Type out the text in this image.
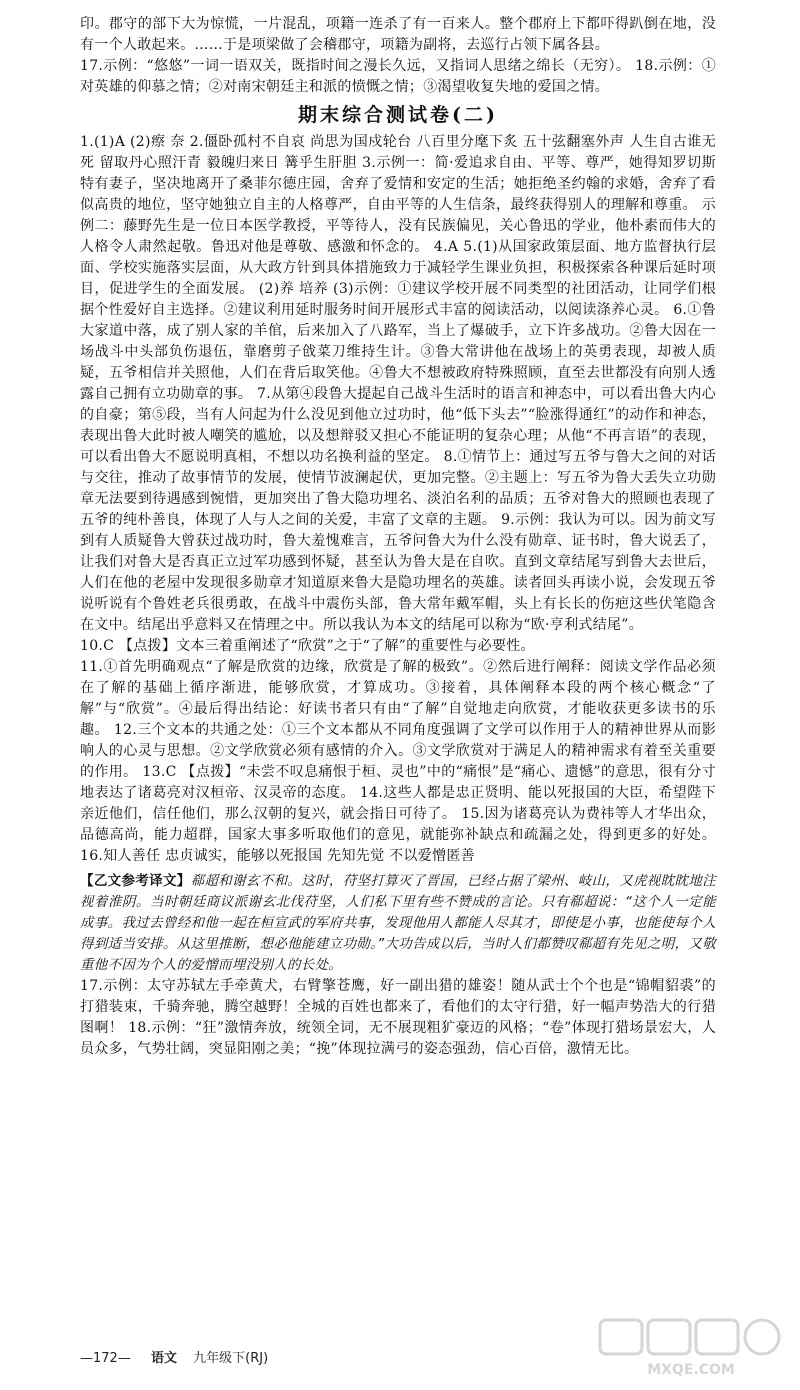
印。郡守的部下大为惊慌，一片混乱，项籍一连杀了有一百来人。整个郡府上下都吓得趴倒在地，没有一个人敢起来。……于是项梁做了会稽郡守，项籍为副将，去巡行占领下属各县。

17.示例：“悠悠”一词一语双关，既指时间之漫长久远，又指词人思绪之绵长（无穷）。 18.示例：①对英雄的仰慕之情；②对南宋朝廷主和派的愤慨之情；③渴望收复失地的爱国之情。

期末综合测试卷(二)

1.(1)A (2)瘵 奈 2.僵卧孤村不自哀 尚思为国戍轮台 八百里分麾下炙 五十弦翻塞外声 人生自古谁无死 留取丹心照汗青 毅魄归来日 篝乎生肝胆 3.示例一：简·爱追求自由、平等、尊严，她得知罗切斯特有妻子，坚决地离开了桑菲尔德庄园，舍弃了爱情和安定的生活；她拒绝圣约翰的求婚，舍弃了看似高贵的地位，坚守她独立自主的人格尊严，自由平等的人生信条，最终获得别人的理解和尊重。 示例二：藤野先生是一位日本医学教授，平等待人，没有民族偏见，关心鲁迅的学业，他朴素而伟大的人格令人肃然起敬。鲁迅对他是尊敬、感激和怀念的。 4.A 5.(1)从国家政策层面、地方监督执行层面、学校实施落实层面，从大政方针到具体措施致力于减轻学生课业负担，积极探索各种课后延时项目，促进学生的全面发展。 (2)养 培养 (3)示例：①建议学校开展不同类型的社团活动，让同学们根据个性爱好自主选择。②建议利用延时服务时间开展形式丰富的阅读活动，以阅读涤养心灵。 6.①鲁大家道中落，成了别人家的羊倌，后来加入了八路军，当上了爆破手，立下许多战功。②鲁大因在一场战斗中头部负伤退伍，靠磨剪子戗菜刀维持生计。③鲁大常讲他在战场上的英勇表现，却被人质疑，五爷相信并关照他，人们在背后取笑他。④鲁大不想被政府特殊照顾，直至去世都没有向别人透露自己拥有立功勋章的事。 7.从第④段鲁大提起自己战斗生活时的语言和神态中，可以看出鲁大内心的自豪；第⑤段，当有人问起为什么没见到他立过功时，他“低下头去”“脸涨得通红”的动作和神态，表现出鲁大此时被人嘲笑的尴尬，以及想辩驳又担心不能证明的复杂心理；从他“不再言语”的表现，可以看出鲁大不愿说明真相，不想以功名换利益的坚定。 8.①情节上：通过写五爷与鲁大之间的对话与交往，推动了故事情节的发展，使情节波澜起伏，更加完整。②主题上：写五爷为鲁大丢失立功勋章无法要到待遇感到惋惜，更加突出了鲁大隐功埋名、淡泊名利的品质；五爷对鲁大的照顾也表现了五爷的纯朴善良，体现了人与人之间的关爱，丰富了文章的主题。 9.示例：我认为可以。因为前文写到有人质疑鲁大曾获过战功时，鲁大羞愧难言，五爷问鲁大为什么没有勋章、证书时，鲁大说丢了，让我们对鲁大是否真正立过军功感到怀疑，甚至认为鲁大是在自吹。直到文章结尾写到鲁大去世后，人们在他的老屋中发现很多勋章才知道原来鲁大是隐功埋名的英雄。读者回头再读小说，会发现五爷说听说有个鲁姓老兵很勇敢，在战斗中震伤头部，鲁大常年戴军帽，头上有长长的伤疤这些伏笔隐含在文中。结尾出乎意料又在情理之中。所以我认为本文的结尾可以称为“欧·亨利式结尾”。

10.C 【点拨】文本三着重阐述了“欣赏”之于“了解”的重要性与必要性。

11.①首先明确观点“了解是欣赏的边缘，欣赏是了解的极致”。②然后进行阐释：阅读文学作品必须在了解的基础上循序渐进，能够欣赏，才算成功。③接着，具体阐释本段的两个核心概念“了解”与“欣赏”。④最后得出结论：好读书者只有由“了解”自觉地走向欣赏，才能收获更多读书的乐趣。 12.三个文本的共通之处：①三个文本都从不同角度强调了文学可以作用于人的精神世界从而影响人的心灵与思想。②文学欣赏必须有感情的介入。③文学欣赏对于满足人的精神需求有着至关重要的作用。 13.C 【点拨】“未尝不叹息痛恨于桓、灵也”中的“痛恨”是“痛心、遗憾”的意思，很有分寸地表达了诸葛亮对汉桓帝、汉灵帝的态度。 14.这些人都是忠正贤明、能以死报国的大臣，希望陛下亲近他们，信任他们，那么汉朝的复兴，就会指日可待了。 15.因为诸葛亮认为费祎等人才华出众，品德高尚，能力超群，国家大事多听取他们的意见，就能弥补缺点和疏漏之处，得到更多的好处。 16.知人善任 忠贞诚实，能够以死报国 先知先觉 不以爱憎匿善

【乙文参考译文】郗超和谢玄不和。这时，苻坚打算灭了晋国，已经占据了梁州、岐山，又虎视眈眈地注视着淮阴。当时朝廷商议派谢玄北伐苻坚，人们私下里有些不赞成的言论。只有郗超说：“这个人一定能成事。我过去曾经和他一起在桓宣武的军府共事，发现他用人都能人尽其才，即使是小事，也能使每个人得到适当安排。从这里推断，想必他能建立功勋。”大功告成以后，当时人们都赞叹郗超有先见之明，又敬重他不因为个人的爱憎而埋没别人的长处。

17.示例：太守苏轼左手牵黄犬，右臂擎苍鹰，好一副出猎的雄姿！随从武士个个也是“锦帽貂裘”的打猎装束，千骑奔驰，腾空越野！全城的百姓也都来了，看他们的太守行猎，好一幅声势浩大的行猎图啊！ 18.示例：“狂”激情奔放，统领全词，无不展现粗犷豪迈的风格；“卷”体现打猎场景宏大，人员众多，气势壮阔，突显阳刚之美；“挽”体现拉满弓的姿态强劲，信心百倍，激情无比。

—172— 语文 九年级下(RJ)
MXQE.COM
